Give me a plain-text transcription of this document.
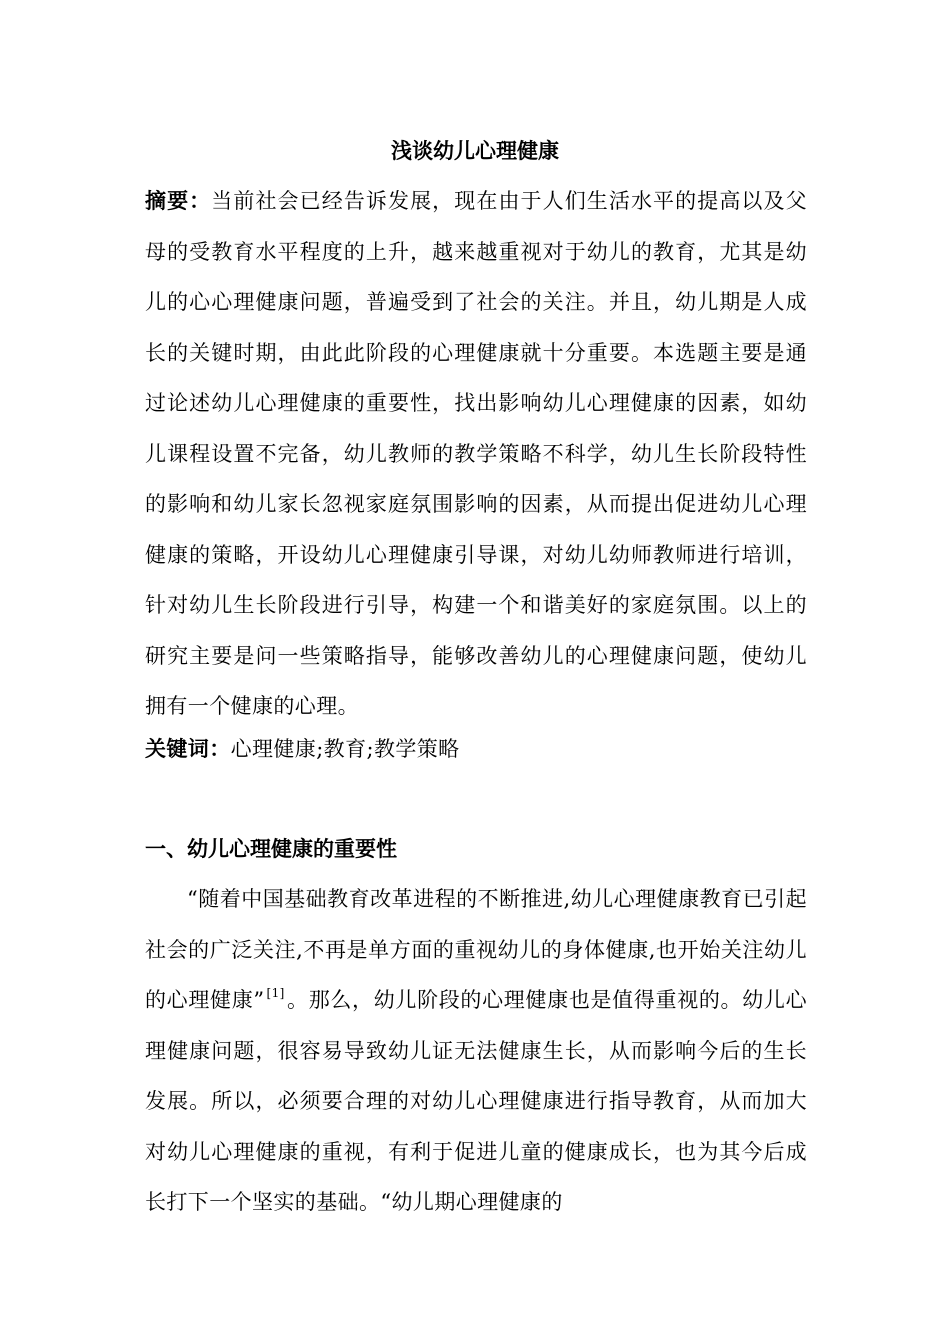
浅谈幼儿心理健康
摘要：当前社会已经告诉发展，现在由于人们生活水平的提高以及父母的受教育水平程度的上升，越来越重视对于幼儿的教育，尤其是幼儿的心心理健康问题，普遍受到了社会的关注。并且，幼儿期是人成长的关键时期，由此此阶段的心理健康就十分重要。本选题主要是通过论述幼儿心理健康的重要性，找出影响幼儿心理健康的因素，如幼儿课程设置不完备，幼儿教师的教学策略不科学，幼儿生长阶段特性的影响和幼儿家长忽视家庭氛围影响的因素，从而提出促进幼儿心理健康的策略，开设幼儿心理健康引导课，对幼儿幼师教师进行培训，针对幼儿生长阶段进行引导，构建一个和谐美好的家庭氛围。以上的研究主要是问一些策略指导，能够改善幼儿的心理健康问题，使幼儿拥有一个健康的心理。
关键词：心理健康;教育;教学策略
一、幼儿心理健康的重要性
“随着中国基础教育改革进程的不断推进,幼儿心理健康教育已引起社会的广泛关注,不再是单方面的重视幼儿的身体健康,也开始关注幼儿的心理健康” [1]。那么，幼儿阶段的心理健康也是值得重视的。幼儿心理健康问题，很容易导致幼儿证无法健康生长，从而影响今后的生长发展。所以，必须要合理的对幼儿心理健康进行指导教育，从而加大对幼儿心理健康的重视，有利于促进儿童的健康成长，也为其今后成长打下一个坚实的基础。“幼儿期心理健康的
